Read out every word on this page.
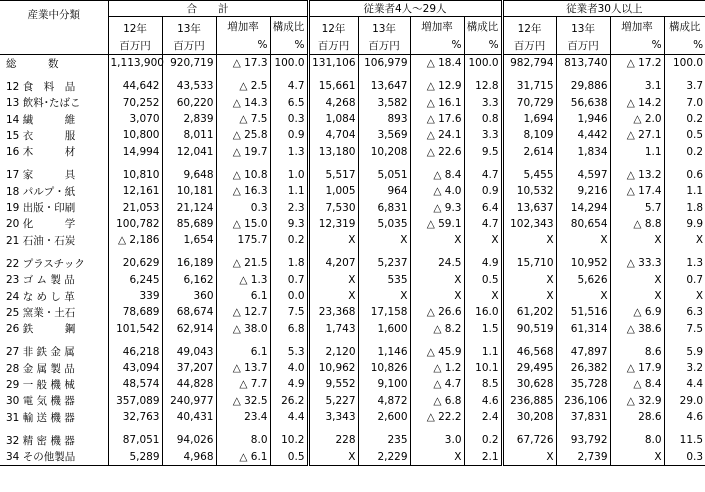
産業中分類	合　　計				従業者4人～29人				従業者30人以上			
	12年	13年	増加率	構成比	12年	13年	増加率	構成比	12年	13年	増加率	構成比
	百万円	百万円	%	%	百万円	百万円	%	%	百万円	百万円	%	%
総　　　数	1,113,900	920,719	△ 17.3	100.0	131,106	106,979	△ 18.4	100.0	982,794	813,740	△ 17.2	100.0

12 食　料　品	44,642	43,533	△ 2.5	4.7	15,661	13,647	△ 12.9	12.8	31,715	29,886	3.1	3.7
13 飲料･たばこ	70,252	60,220	△ 14.3	6.5	4,268	3,582	△ 16.1	3.3	70,729	56,638	△ 14.2	7.0
14 繊　　　維	3,070	2,839	△ 7.5	0.3	1,084	893	△ 17.6	0.8	1,694	1,946	△ 2.0	0.2
15 衣　　　服	10,800	8,011	△ 25.8	0.9	4,704	3,569	△ 24.1	3.3	8,109	4,442	△ 27.1	0.5
16 木　　　材	14,994	12,041	△ 19.7	1.3	13,180	10,208	△ 22.6	9.5	2,614	1,834	1.1	0.2

17 家　　　具	10,810	9,648	△ 10.8	1.0	5,517	5,051	△ 8.4	4.7	5,455	4,597	△ 13.2	0.6
18 パルプ・紙	12,161	10,181	△ 16.3	1.1	1,005	964	△ 4.0	0.9	10,532	9,216	△ 17.4	1.1
19 出版・印刷	21,053	21,124	0.3	2.3	7,530	6,831	△ 9.3	6.4	13,637	14,294	5.7	1.8
20 化　　　学	100,782	85,689	△ 15.0	9.3	12,319	5,035	△ 59.1	4.7	102,343	80,654	△ 8.8	9.9
21 石油・石炭	△ 2,186	1,654	175.7	0.2	X	X	X	X	X	X	X	X

22 プラスチック	20,629	16,189	△ 21.5	1.8	4,207	5,237	24.5	4.9	15,710	10,952	△ 33.3	1.3
23 ゴ ム 製 品	6,245	6,162	△ 1.3	0.7	X	535	X	0.5	X	5,626	X	0.7
24 な め し 革	339	360	6.1	0.0	X	X	X	X	X	X	X	X
25 窯業・土石	78,689	68,674	△ 12.7	7.5	23,368	17,158	△ 26.6	16.0	61,202	51,516	△ 6.9	6.3
26 鉄　　　鋼	101,542	62,914	△ 38.0	6.8	1,743	1,600	△ 8.2	1.5	90,519	61,314	△ 38.6	7.5

27 非 鉄 金 属	46,218	49,043	6.1	5.3	2,120	1,146	△ 45.9	1.1	46,568	47,897	8.6	5.9
28 金 属 製 品	43,094	37,207	△ 13.7	4.0	10,962	10,826	△ 1.2	10.1	29,495	26,382	△ 17.9	3.2
29 一 般 機 械	48,574	44,828	△ 7.7	4.9	9,552	9,100	△ 4.7	8.5	30,628	35,728	△ 8.4	4.4
30 電 気 機 器	357,089	240,977	△ 32.5	26.2	5,227	4,872	△ 6.8	4.6	236,885	236,106	△ 32.9	29.0
31 輸 送 機 器	32,763	40,431	23.4	4.4	3,343	2,600	△ 22.2	2.4	30,208	37,831	28.6	4.6

32 精 密 機 器	87,051	94,026	8.0	10.2	228	235	3.0	0.2	67,726	93,792	8.0	11.5
34 その他製品	5,289	4,968	△ 6.1	0.5	X	2,229	X	2.1	X	2,739	X	0.3
